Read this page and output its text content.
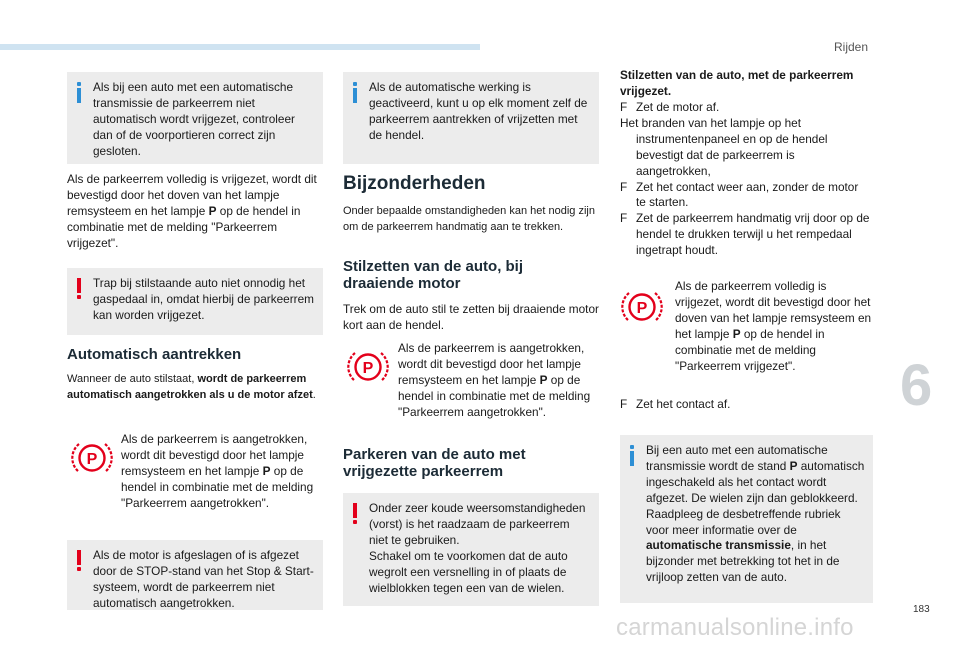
Rijden
6
183
carmanualsonline.info
Als bij een auto met een automatische transmissie de parkeerrem niet automatisch wordt vrijgezet, controleer dan of de voorportieren correct zijn gesloten.
Als de parkeerrem volledig is vrijgezet, wordt dit bevestigd door het doven van het lampje remsysteem en het lampje P op de hendel in combinatie met de melding "Parkeerrem vrijgezet".
Trap bij stilstaande auto niet onnodig het gaspedaal in, omdat hierbij de parkeerrem kan worden vrijgezet.
Automatisch aantrekken
Wanneer de auto stilstaat, wordt de parkeerrem automatisch aangetrokken als u de motor afzet.
P
Als de parkeerrem is aangetrokken, wordt dit bevestigd door het lampje remsysteem en het lampje P op de hendel in combinatie met de melding "Parkeerrem aangetrokken".
Als de motor is afgeslagen of is afgezet door de STOP-stand van het Stop & Start-systeem, wordt de parkeerrem niet automatisch aangetrokken.
Als de automatische werking is geactiveerd, kunt u op elk moment zelf de parkeerrem aantrekken of vrijzetten met de hendel.
Bijzonderheden
Onder bepaalde omstandigheden kan het nodig zijn om de parkeerrem handmatig aan te trekken.
Stilzetten van de auto, bij draaiende motor
Trek om de auto stil te zetten bij draaiende motor kort aan de hendel.
P
Als de parkeerrem is aangetrokken, wordt dit bevestigd door het lampje remsysteem en het lampje P op de hendel in combinatie met de melding "Parkeerrem aangetrokken".
Parkeren van de auto met vrijgezette parkeerrem
Onder zeer koude weersomstandigheden (vorst) is het raadzaam de parkeerrem niet te gebruiken.
Schakel om te voorkomen dat de auto wegrolt een versnelling in of plaats de wielblokken tegen een van de wielen.
Stilzetten van de auto, met de parkeerrem vrijgezet.
F Zet de motor af.
Het branden van het lampje op het
instrumentenpaneel en op de hendel bevestigt dat de parkeerrem is aangetrokken,
F Zet het contact weer aan, zonder de motor te starten.
F Zet de parkeerrem handmatig vrij door op de hendel te drukken terwijl u het rempedaal ingetrapt houdt.
P
Als de parkeerrem volledig is vrijgezet, wordt dit bevestigd door het doven van het lampje remsysteem en het lampje P op de hendel in combinatie met de melding "Parkeerrem vrijgezet".
F Zet het contact af.
Bij een auto met een automatische transmissie wordt de stand P automatisch ingeschakeld als het contact wordt afgezet. De wielen zijn dan geblokkeerd. Raadpleeg de desbetreffende rubriek voor meer informatie over de automatische transmissie, in het bijzonder met betrekking tot het in de vrijloop zetten van de auto.
